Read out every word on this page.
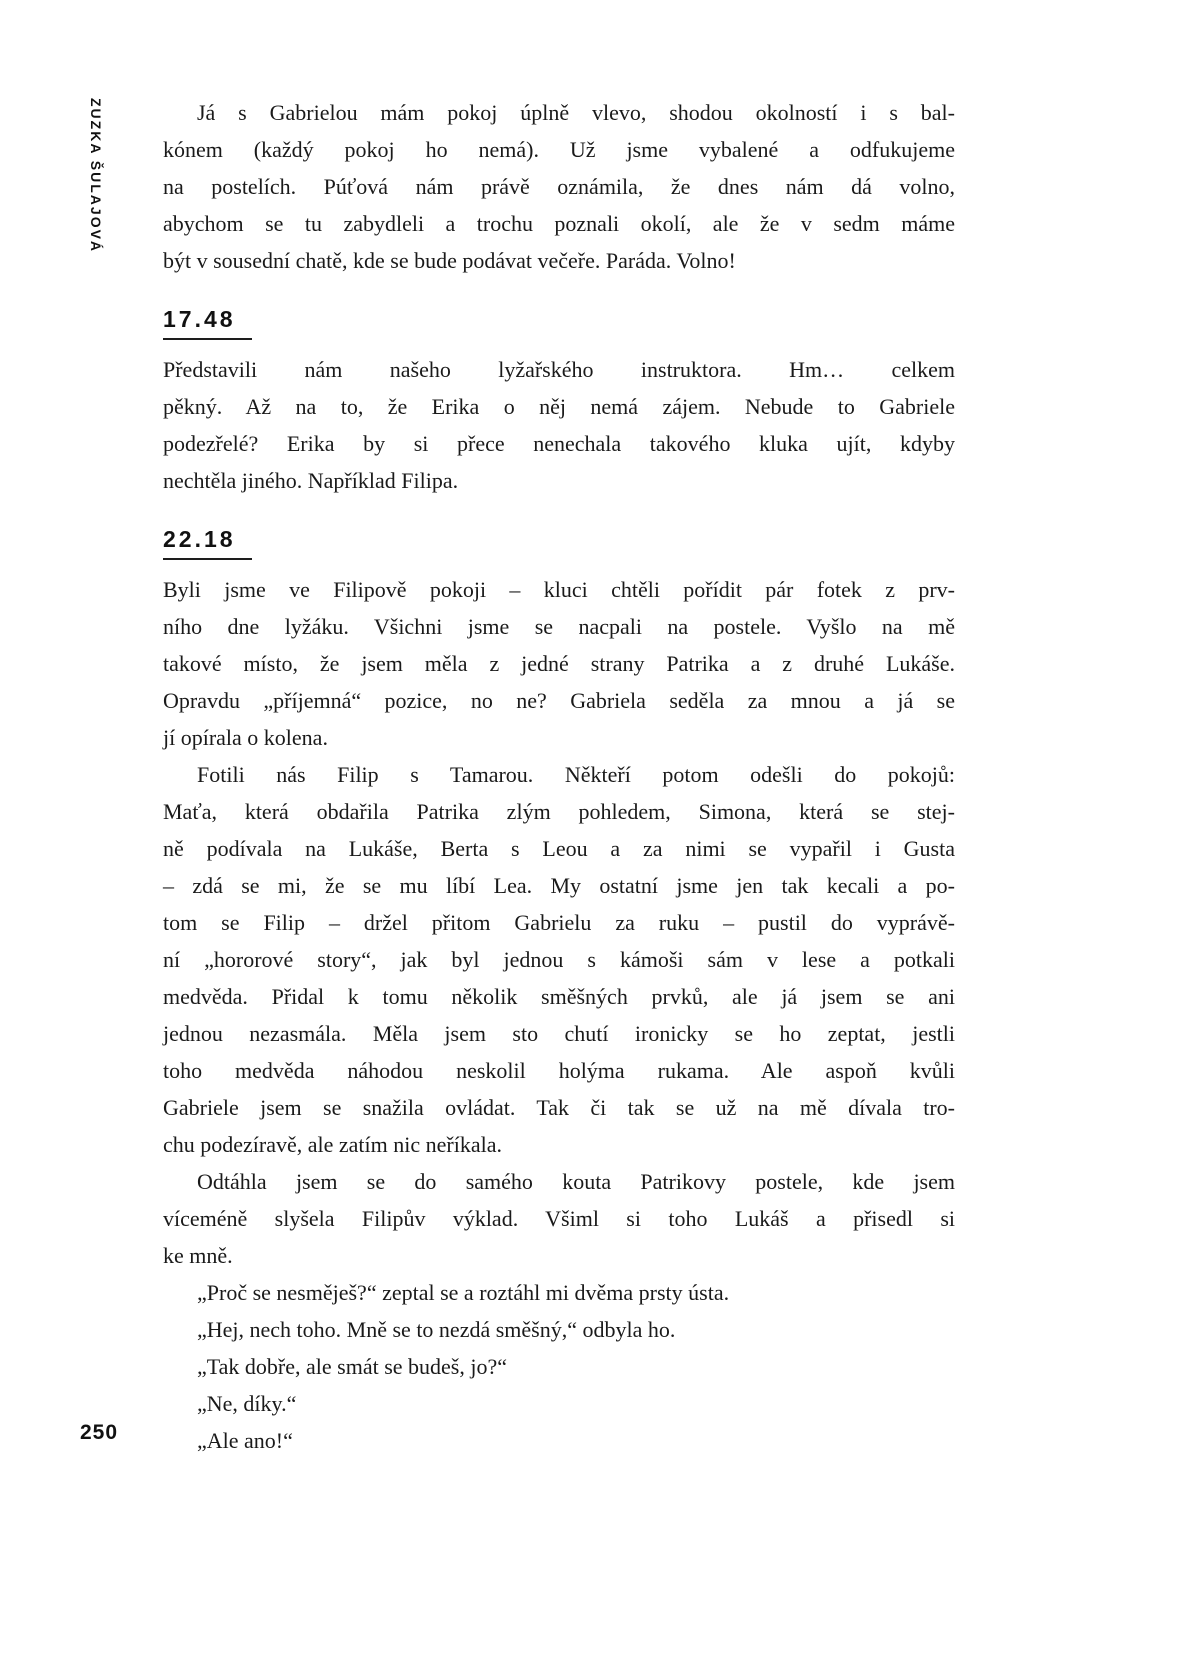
ZUZKA ŠULAJOVÁ
250
Já s Gabrielou mám pokoj úplně vlevo, shodou okolností i s bal-
kónem (každý pokoj ho nemá). Už jsme vybalené a odfukujeme
na postelích. Púťová nám právě oznámila, že dnes nám dá volno,
abychom se tu zabydleli a trochu poznali okolí, ale že v sedm máme
být v sousední chatě, kde se bude podávat večeře. Paráda. Volno!
17.48
Představili nám našeho lyžařského instruktora. Hm… celkem
pěkný. Až na to, že Erika o něj nemá zájem. Nebude to Gabriele
podezřelé? Erika by si přece nenechala takového kluka ujít, kdyby
nechtěla jiného. Například Filipa.
22.18
Byli jsme ve Filipově pokoji – kluci chtěli pořídit pár fotek z prv-
ního dne lyžáku. Všichni jsme se nacpali na postele. Vyšlo na mě
takové místo, že jsem měla z jedné strany Patrika a z druhé Lukáše.
Opravdu „příjemná“ pozice, no ne? Gabriela seděla za mnou a já se
jí opírala o kolena.
Fotili nás Filip s Tamarou. Někteří potom odešli do pokojů:
Maťa, která obdařila Patrika zlým pohledem, Simona, která se stej-
ně podívala na Lukáše, Berta s Leou a za nimi se vypařil i Gusta
– zdá se mi, že se mu líbí Lea. My ostatní jsme jen tak kecali a po-
tom se Filip – držel přitom Gabrielu za ruku – pustil do vyprávě-
ní „hororové story“, jak byl jednou s kámoši sám v lese a potkali
medvěda. Přidal k tomu několik směšných prvků, ale já jsem se ani
jednou nezasmála. Měla jsem sto chutí ironicky se ho zeptat, jestli
toho medvěda náhodou neskolil holýma rukama. Ale aspoň kvůli
Gabriele jsem se snažila ovládat. Tak či tak se už na mě dívala tro-
chu podezíravě, ale zatím nic neříkala.
Odtáhla jsem se do samého kouta Patrikovy postele, kde jsem
víceméně slyšela Filipův výklad. Všiml si toho Lukáš a přisedl si
ke mně.
„Proč se nesměješ?“ zeptal se a roztáhl mi dvěma prsty ústa.
„Hej, nech toho. Mně se to nezdá směšný,“ odbyla ho.
„Tak dobře, ale smát se budeš, jo?“
„Ne, díky.“
„Ale ano!“
